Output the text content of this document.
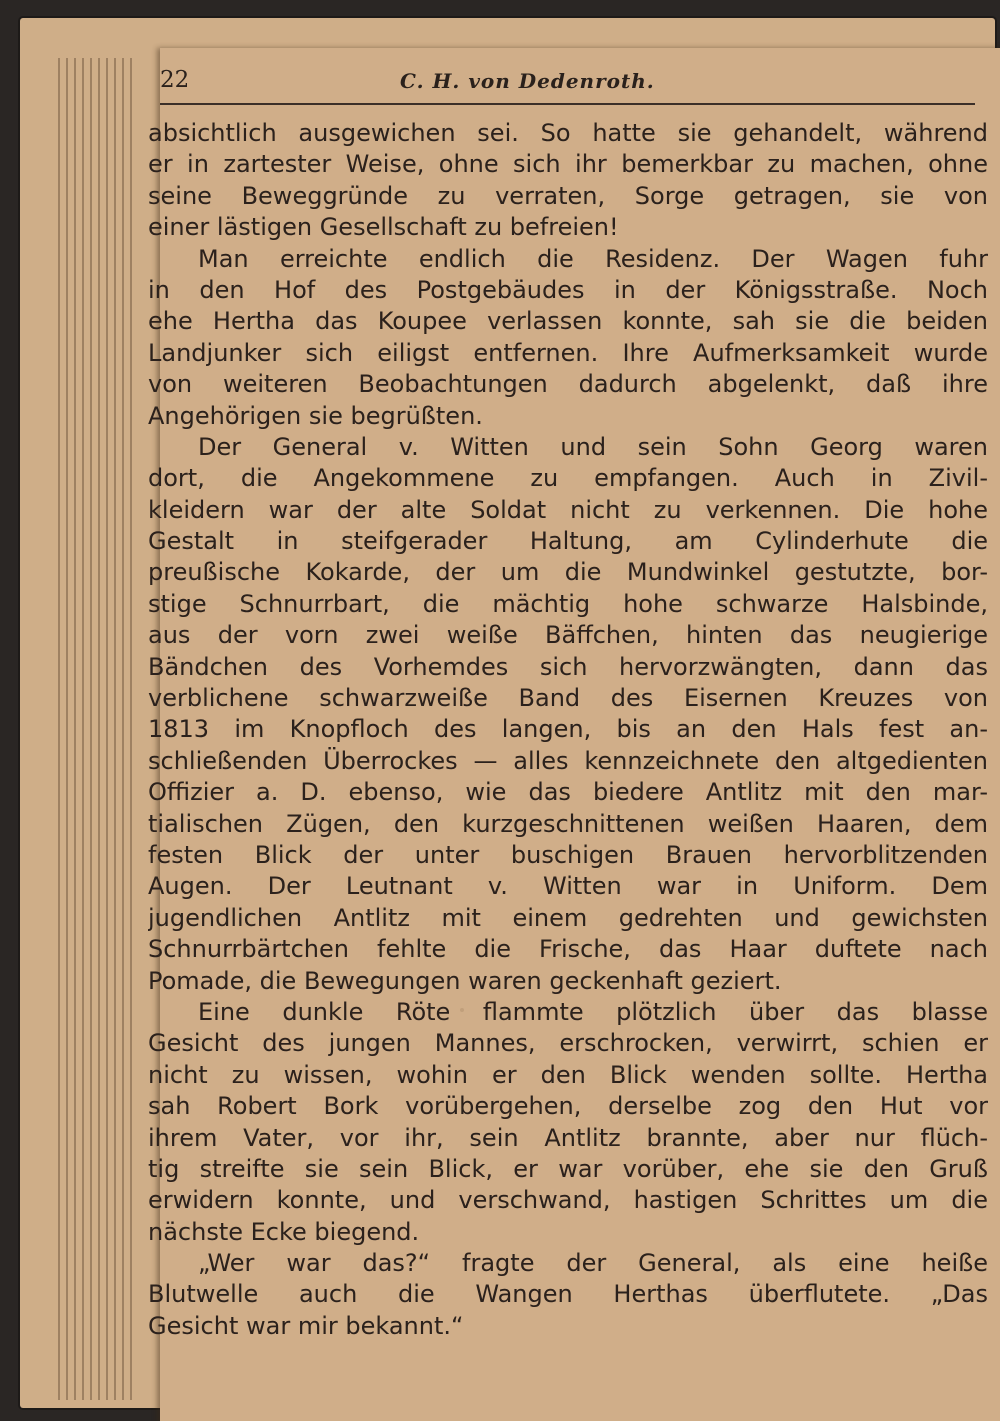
22	C. H. von Dedenroth.
absichtlich ausgewichen sei. So hatte sie gehandelt, während
er in zartester Weise, ohne sich ihr bemerkbar zu machen, ohne
seine Beweggründe zu verraten, Sorge getragen, sie von
einer lästigen Gesellschaft zu befreien!
Man erreichte endlich die Residenz. Der Wagen fuhr
in den Hof des Postgebäudes in der Königsstraße. Noch
ehe Hertha das Koupee verlassen konnte, sah sie die beiden
Landjunker sich eiligst entfernen. Ihre Aufmerksamkeit wurde
von weiteren Beobachtungen dadurch abgelenkt, daß ihre
Angehörigen sie begrüßten.
Der General v. Witten und sein Sohn Georg waren
dort, die Angekommene zu empfangen. Auch in Zivil-
kleidern war der alte Soldat nicht zu verkennen. Die hohe
Gestalt in steifgerader Haltung, am Cylinderhute die
preußische Kokarde, der um die Mundwinkel gestutzte, bor-
stige Schnurrbart, die mächtig hohe schwarze Halsbinde,
aus der vorn zwei weiße Bäffchen, hinten das neugierige
Bändchen des Vorhemdes sich hervorzwängten, dann das
verblichene schwarzweiße Band des Eisernen Kreuzes von
1813 im Knopfloch des langen, bis an den Hals fest an-
schließenden Überrockes — alles kennzeichnete den altgedienten
Offizier a. D. ebenso, wie das biedere Antlitz mit den mar-
tialischen Zügen, den kurzgeschnittenen weißen Haaren, dem
festen Blick der unter buschigen Brauen hervorblitzenden
Augen. Der Leutnant v. Witten war in Uniform. Dem
jugendlichen Antlitz mit einem gedrehten und gewichsten
Schnurrbärtchen fehlte die Frische, das Haar duftete nach
Pomade, die Bewegungen waren geckenhaft geziert.
Eine dunkle Röte flammte plötzlich über das blasse
Gesicht des jungen Mannes, erschrocken, verwirrt, schien er
nicht zu wissen, wohin er den Blick wenden sollte. Hertha
sah Robert Bork vorübergehen, derselbe zog den Hut vor
ihrem Vater, vor ihr, sein Antlitz brannte, aber nur flüch-
tig streifte sie sein Blick, er war vorüber, ehe sie den Gruß
erwidern konnte, und verschwand, hastigen Schrittes um die
nächste Ecke biegend.
„Wer war das?“ fragte der General, als eine heiße
Blutwelle auch die Wangen Herthas überflutete. „Das
Gesicht war mir bekannt.“
